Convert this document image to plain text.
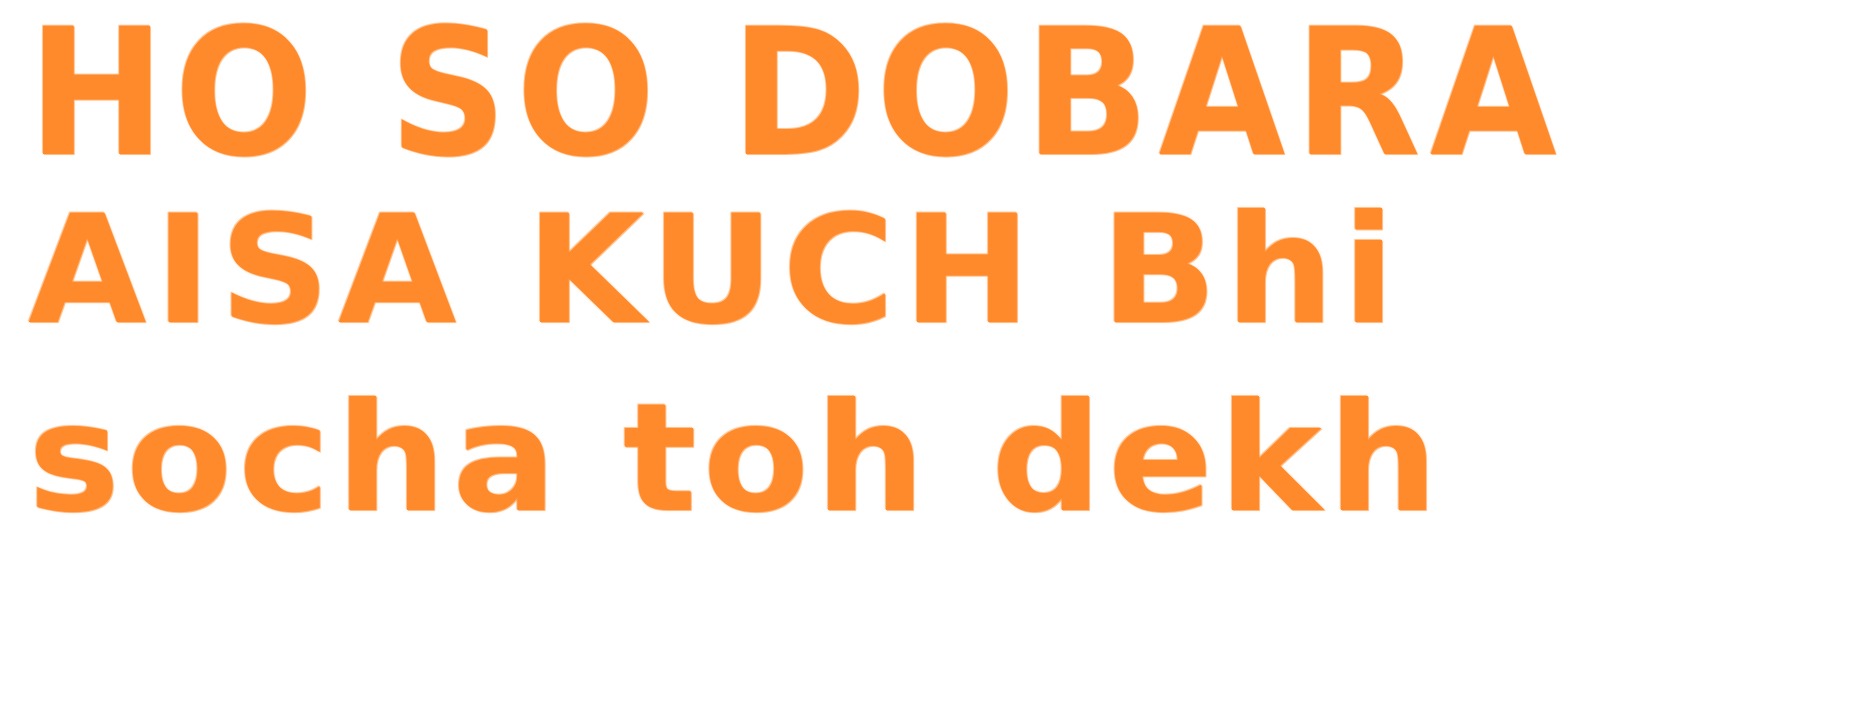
HO SO DOBARA
AISA KUCH Bhi
socha toh dekh
